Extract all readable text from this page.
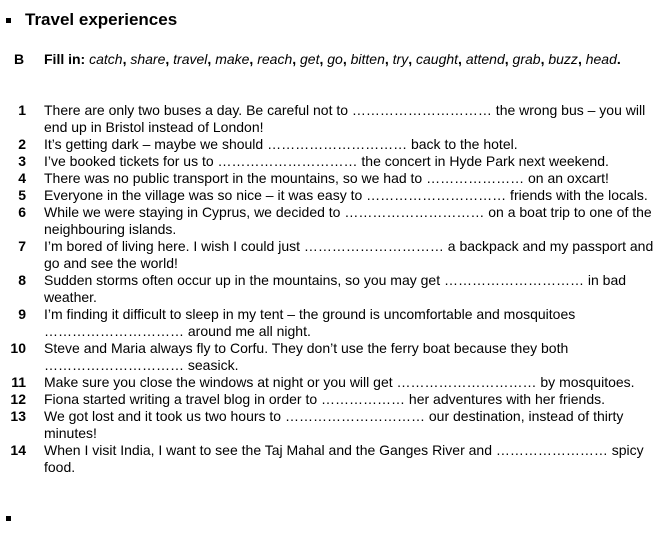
Travel experiences
B Fill in: catch, share, travel, make, reach, get, go, bitten, try, caught, attend, grab, buzz, head.
1 There are only two buses a day. Be careful not to ………………………… the wrong bus – you will end up in Bristol instead of London!
2 It’s getting dark – maybe we should ………………………… back to the hotel.
3 I’ve booked tickets for us to ………………………… the concert in Hyde Park next weekend.
4 There was no public transport in the mountains, so we had to ………………… on an oxcart!
5 Everyone in the village was so nice – it was easy to ………………………… friends with the locals.
6 While we were staying in Cyprus, we decided to ………………………… on a boat trip to one of the neighbouring islands.
7 I’m bored of living here. I wish I could just ………………………… a backpack and my passport and go and see the world!
8 Sudden storms often occur up in the mountains, so you may get ………………………… in bad weather.
9 I’m finding it difficult to sleep in my tent – the ground is uncomfortable and mosquitoes ………………………… around me all night.
10 Steve and Maria always fly to Corfu. They don’t use the ferry boat because they both ………………………… seasick.
11 Make sure you close the windows at night or you will get ………………………… by mosquitoes.
12 Fiona started writing a travel blog in order to ……………… her adventures with her friends.
13 We got lost and it took us two hours to ………………………… our destination, instead of thirty minutes!
14 When I visit India, I want to see the Taj Mahal and the Ganges River and …………………… spicy food.
